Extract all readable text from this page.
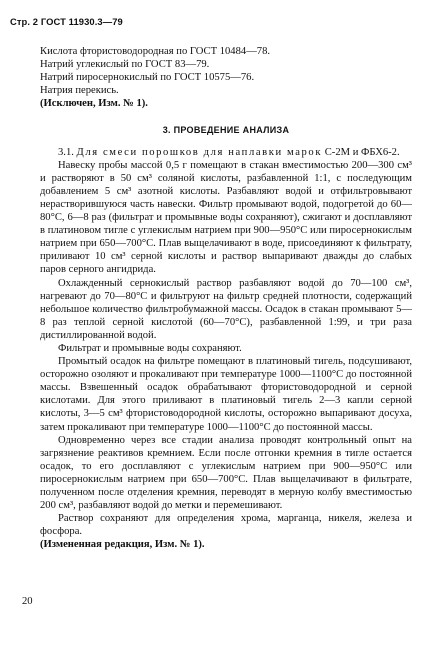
Стр. 2 ГОСТ 11930.3—79

Кислота фтористоводородная по ГОСТ 10484—78.

Натрий углекислый по ГОСТ 83—79.

Натрий пиросернокислый по ГОСТ 10575—76.

Натрия перекись.

(Исключен, Изм. № 1).

3. ПРОВЕДЕНИЕ АНАЛИЗА

3.1. Для смеси порошков для наплавки марок С-2М и ФБХ6-2.

Навеску пробы массой 0,5 г помещают в стакан вместимостью 200—300 см³ и растворяют в 50 см³ соляной кислоты, разбавленной 1:1, с последующим добавлением 5 см³ азотной кислоты. Разбавляют водой и отфильтровывают нерастворившуюся часть навески. Фильтр промывают водой, подогретой до 60—80°С, 6—8 раз (фильтрат и промывные воды сохраняют), сжигают и досплавляют в платиновом тигле с углекислым натрием при 900—950°С или пиросернокислым натрием при 650—700°С. Плав выщелачивают в воде, присоединяют к фильтрату, приливают 10 см³ серной кислоты и раствор выпаривают дважды до слабых паров серного ангидрида.

Охлажденный сернокислый раствор разбавляют водой до 70—100 см³, нагревают до 70—80°С и фильтруют на фильтр средней плотности, содержащий небольшое количество фильтробумажной массы. Осадок в стакан промывают 5—8 раз теплой серной кислотой (60—70°С), разбавленной 1:99, и три раза дистиллированной водой.

Фильтрат и промывные воды сохраняют.

Промытый осадок на фильтре помещают в платиновый тигель, подсушивают, осторожно озоляют и прокаливают при температуре 1000—1100°С до постоянной массы. Взвешенный осадок обрабатывают фтористоводородной и серной кислотами. Для этого приливают в платиновый тигель 2—3 капли серной кислоты, 3—5 см³ фтористоводородной кислоты, осторожно выпаривают досуха, затем прокаливают при температуре 1000—1100°С до постоянной массы.

Одновременно через все стадии анализа проводят контрольный опыт на загрязнение реактивов кремнием. Если после отгонки кремния в тигле остается осадок, то его досплавляют с углекислым натрием при 900—950°С или пиросернокислым натрием при 650—700°С. Плав выщелачивают в фильтрате, полученном после отделения кремния, переводят в мерную колбу вместимостью 200 см³, разбавляют водой до метки и перемешивают.

Раствор сохраняют для определения хрома, марганца, никеля, железа и фосфора.

(Измененная редакция, Изм. № 1).

20
